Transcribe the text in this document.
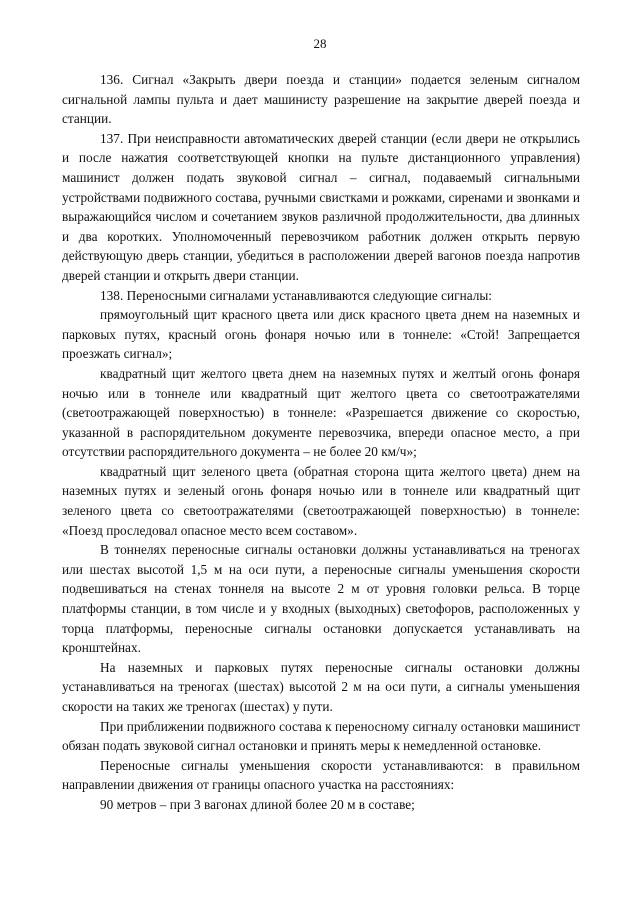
28

136. Сигнал «Закрыть двери поезда и станции» подается зеленым сигналом сигнальной лампы пульта и дает машинисту разрешение на закрытие дверей поезда и станции.

137. При неисправности автоматических дверей станции (если двери не открылись и после нажатия соответствующей кнопки на пульте дистанционного управления) машинист должен подать звуковой сигнал – сигнал, подаваемый сигнальными устройствами подвижного состава, ручными свистками и рожками, сиренами и звонками и выражающийся числом и сочетанием звуков различной продолжительности, два длинных и два коротких. Уполномоченный перевозчиком работник должен открыть первую действующую дверь станции, убедиться в расположении дверей вагонов поезда напротив дверей станции и открыть двери станции.

138. Переносными сигналами устанавливаются следующие сигналы:

прямоугольный щит красного цвета или диск красного цвета днем на наземных и парковых путях, красный огонь фонаря ночью или в тоннеле: «Стой! Запрещается проезжать сигнал»;

квадратный щит желтого цвета днем на наземных путях и желтый огонь фонаря ночью или в тоннеле или квадратный щит желтого цвета со светоотражателями (светоотражающей поверхностью) в тоннеле: «Разрешается движение со скоростью, указанной в распорядительном документе перевозчика, впереди опасное место, а при отсутствии распорядительного документа – не более 20 км/ч»;

квадратный щит зеленого цвета (обратная сторона щита желтого цвета) днем на наземных путях и зеленый огонь фонаря ночью или в тоннеле или квадратный щит зеленого цвета со светоотражателями (светоотражающей поверхностью) в тоннеле: «Поезд проследовал опасное место всем составом».

В тоннелях переносные сигналы остановки должны устанавливаться на треногах или шестах высотой 1,5 м на оси пути, а переносные сигналы уменьшения скорости подвешиваться на стенах тоннеля на высоте 2 м от уровня головки рельса. В торце платформы станции, в том числе и у входных (выходных) светофоров, расположенных у торца платформы, переносные сигналы остановки допускается устанавливать на кронштейнах.

На наземных и парковых путях переносные сигналы остановки должны устанавливаться на треногах (шестах) высотой 2 м на оси пути, а сигналы уменьшения скорости на таких же треногах (шестах) у пути.

При приближении подвижного состава к переносному сигналу остановки машинист обязан подать звуковой сигнал остановки и принять меры к немедленной остановке.

Переносные сигналы уменьшения скорости устанавливаются: в правильном направлении движения от границы опасного участка на расстояниях:

90 метров – при 3 вагонах длиной более 20 м в составе;
